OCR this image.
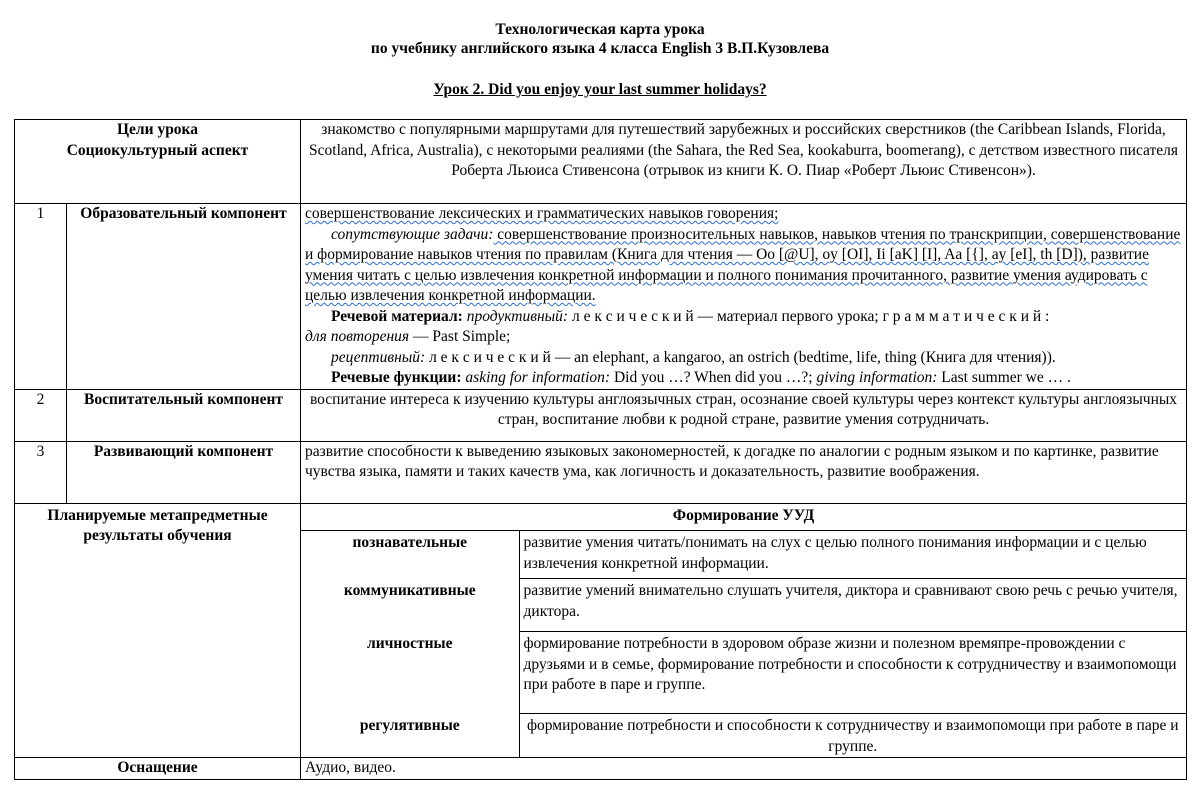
Технологическая карта урока
по учебнику английского языка 4 класса English 3 В.П.Кузовлева
Урок 2. Did you enjoy your last summer holidays?
Цели урока
Социокультурный аспект
	знакомство с популярными маршрутами для путешествий зарубежных и российских сверстников (the Caribbean Islands, Florida, Scotland, Africa, Australia), с некоторыми реалиями (the Sahara, the Red Sea, kookaburra, boomerang), с детством известного писателя Роберта Льюиса Стивенсона (отрывок из книги К. О. Пиар «Роберт Льюис Стивенсон»).
1	Образовательный компонент	совершенствование лексических и грамматических навыков говорения;
сопутствующие задачи: совершенствование произносительных навыков, навыков чтения по транскрипции, совершенствование и формирование навыков чтения по правилам (Книга для чтения — Oo [@U], oy [OI], Ii [aK] [I], Aa [{], ay [eI], th [D]), развитие умения читать с целью извлечения конкретной информации и полного понимания прочитанного, развитие умения аудировать с целью извлечения конкретной информации.
Речевой материал: продуктивный: л е к с и ч е с к и й — материал первого урока; г р а м м а т и ч е с к и й :
для повторения — Past Simple;
рецептивный: л е к с и ч е с к и й — an elephant, a kangaroo, an ostrich (bedtime, life, thing (Книга для чтения)).
Речевые функции: asking for information: Did you …? When did you …?; giving information: Last summer we … .

2	Воспитательный компонент	воспитание интереса к изучению культуры англоязычных стран, осознание своей культуры через контекст культуры англоязычных стран, воспитание любви к родной стране, развитие умения сотрудничать.
3	Развивающий компонент	развитие способности к выведению языковых закономерностей, к догадке по аналогии с родным языком и по картинке, развитие чувства языка, памяти и таких качеств ума, как логичность и доказательность, развитие воображения.
Планируемые метапредметные результаты обучения	
Формирование УУД
познавательные	развитие умения читать/понимать на слух с целью полного понимания информации и с целью извлечения конкретной информации.
коммуникативные	развитие умений внимательно слушать учителя, диктора и сравнивают свою речь с речью учителя, диктора.
личностные	формирование потребности в здоровом образе жизни и полезном времяпре-провождении с друзьями и в семье, формирование потребности и способности к сотрудничеству и взаимопомощи при работе в паре и группе.
регулятивные	формирование потребности и способности к сотрудничеству и взаимопомощи при работе в паре и группе.

Оснащение	Аудио, видео.
